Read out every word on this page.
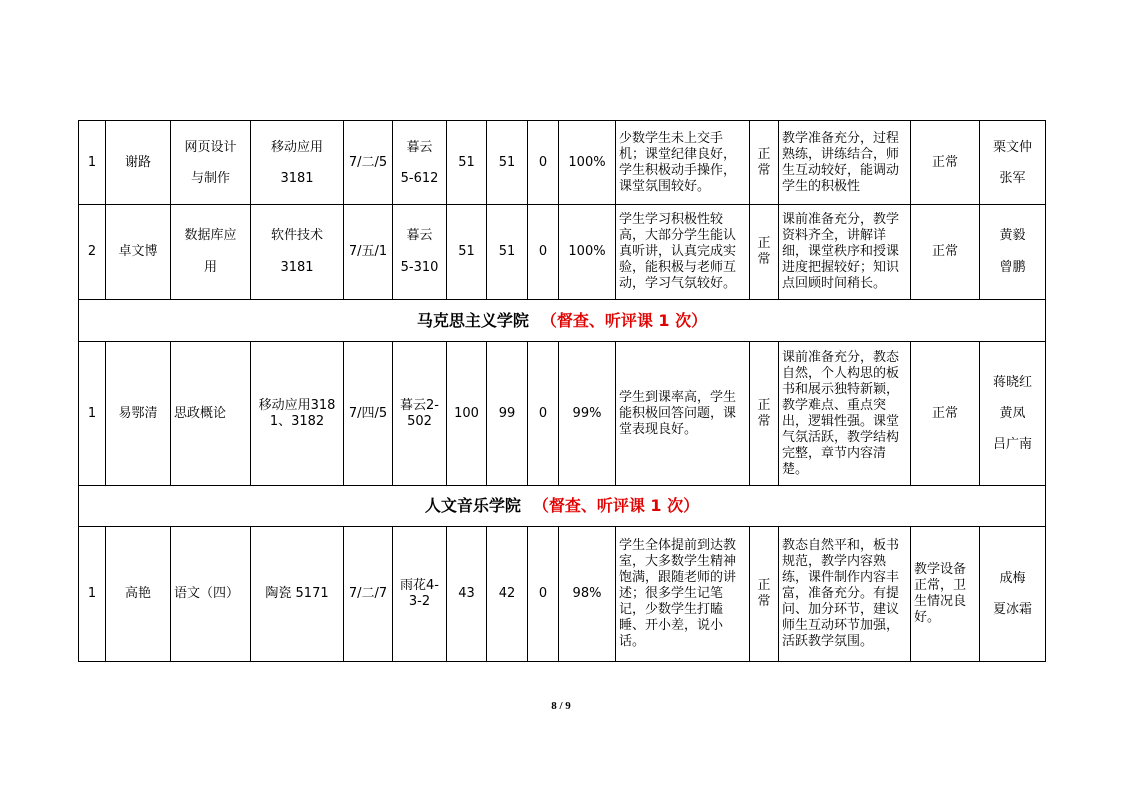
1	谢路	网页设计
与制作	移动应用
3181	7/二/5	暮云
5-612	51	51	0	100%	少数学生未上交手机；课堂纪律良好，学生积极动手操作，课堂氛围较好。	正常	教学准备充分，过程熟练，讲练结合，师生互动较好，能调动学生的积极性	正常	栗文仲
张军

2	卓文博	数据库应
用	软件技术
3181	7/五/1	暮云
5-310	51	51	0	100%	学生学习积极性较高，大部分学生能认真听讲，认真完成实验，能积极与老师互动，学习气氛较好。	正常	课前准备充分，教学资料齐全，讲解详细，课堂秩序和授课进度把握较好；知识点回顾时间稍长。	正常	黄毅
曾鹏

马克思主义学院 （督查、听评课 1 次）														
1	易鄂清	思政概论	移动应用3181、3182	7/四/5	暮云2-502	100	99	0	99%	学生到课率高，学生能积极回答问题，课堂表现良好。	正常	课前准备充分，教态自然，个人构思的板书和展示独特新颖，教学难点、重点突出，逻辑性强。课堂气氛活跃，教学结构完整，章节内容清楚。	正常	蒋晓红
黄凤
吕广南

人文音乐学院 （督查、听评课 1 次）														
1	高艳	语文（四）	陶瓷 5171	7/二/7	雨花4-3-2	43	42	0	98%	学生全体提前到达教室，大多数学生精神饱满，跟随老师的讲述；很多学生记笔记，少数学生打瞌睡、开小差，说小话。	正常	教态自然平和，板书规范，教学内容熟练，课件制作内容丰富，准备充分。有提问、加分环节，建议师生互动环节加强，活跃教学氛围。	教学设备正常，卫生情况良好。	成梅
夏冰霜
8 / 9
